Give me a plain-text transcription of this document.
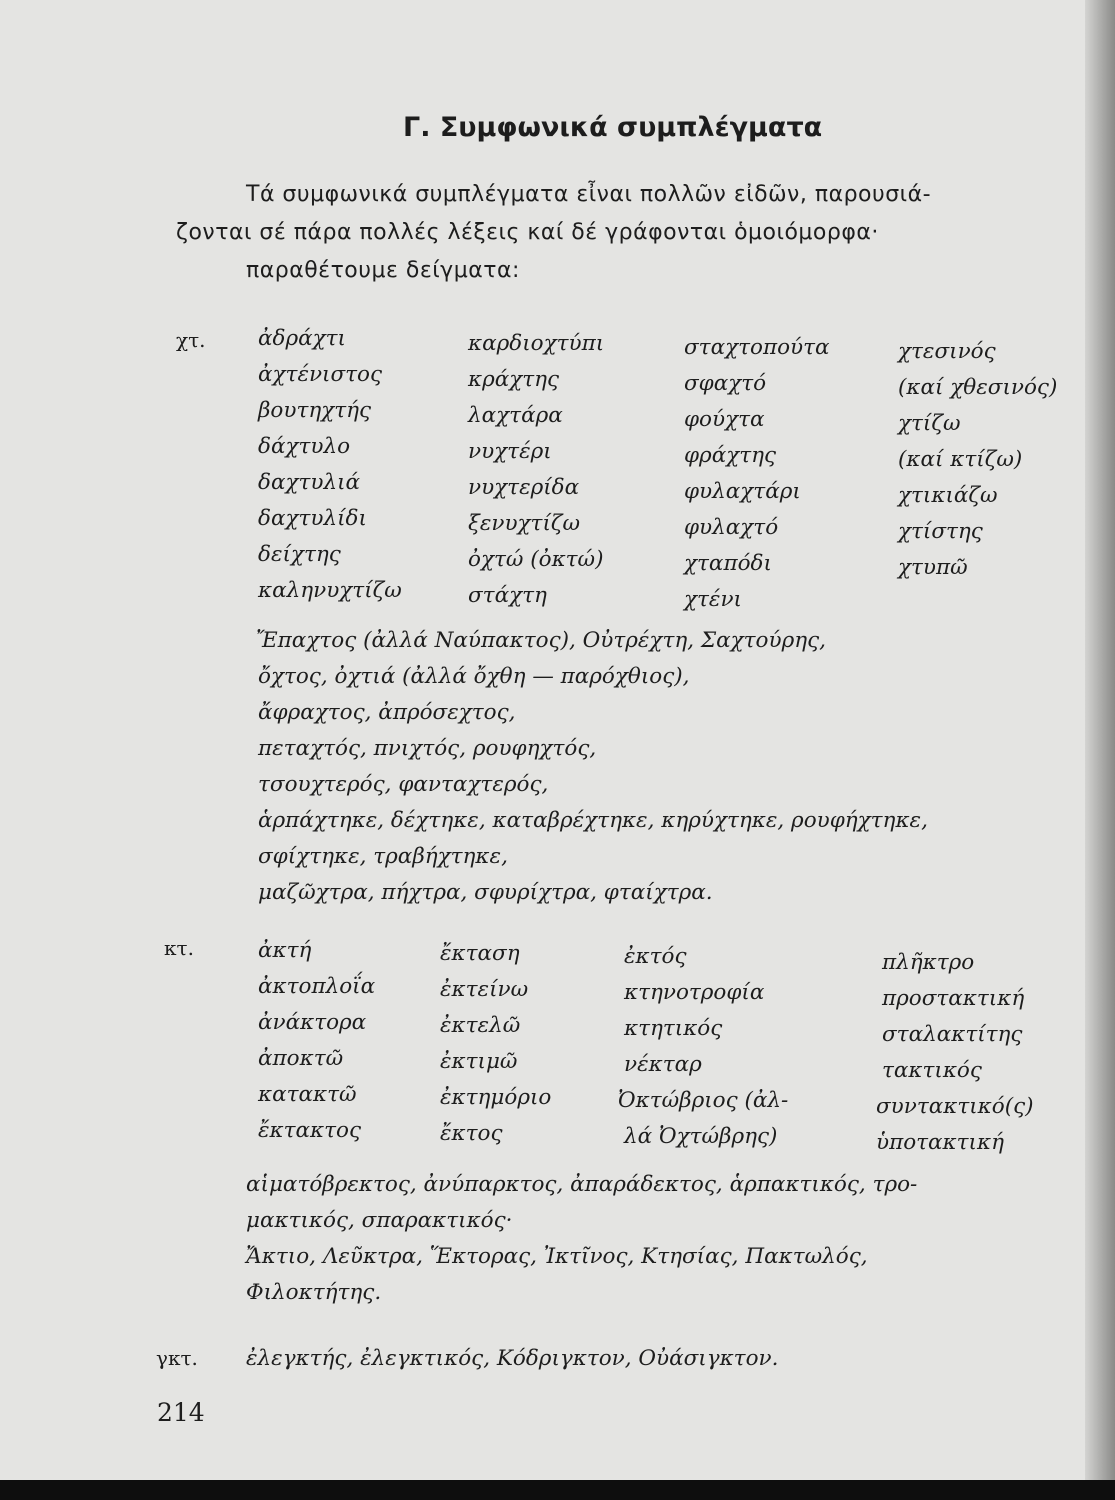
Γ. Συμφωνικά συμπλέγματα
Τά συμφωνικά συμπλέγματα εἶναι πολλῶν εἰδῶν, παρουσιά-
ζονται σέ πάρα πολλές λέξεις καί δέ γράφονται ὁμοιόμορφα·
παραθέτουμε δείγματα:
χτ. ἀδράχτι
ἀχτένιστος
βουτηχτής
δάχτυλο
δαχτυλιά
δαχτυλίδι
δείχτης
καληνυχτίζω
καρδιοχτύπι
κράχτης
λαχτάρα
νυχτέρι
νυχτερίδα
ξενυχτίζω
ὀχτώ (ὀκτώ)
στάχτη
σταχτοπούτα
σφαχτό
φούχτα
φράχτης
φυλαχτάρι
φυλαχτό
χταπόδι
χτένι
χτεσινός
(καί χθεσινός)
χτίζω
(καί κτίζω)
χτικιάζω
χτίστης
χτυπῶ
Ἔπαχτος (ἀλλά Ναύπακτος), Οὐτρέχτη, Σαχτούρης,
ὄχτος, ὀχτιά (ἀλλά ὄχθη — παρόχθιος),
ἄφραχτος, ἀπρόσεχτος,
πεταχτός, πνιχτός, ρουφηχτός,
τσουχτερός, φανταχτερός,
ἁρπάχτηκε, δέχτηκε, καταβρέχτηκε, κηρύχτηκε, ρουφήχτηκε,
σφίχτηκε, τραβήχτηκε,
μαζῶχτρα, πήχτρα, σφυρίχτρα, φταίχτρα.
κτ.	ἀκτή
ἀκτοπλοΐα
ἀνάκτορα
ἀποκτῶ
κατακτῶ
ἔκτακτος
ἔκταση
ἐκτείνω
ἐκτελῶ
ἐκτιμῶ
ἐκτημόριο
ἔκτος
ἐκτός
κτηνοτροφία
κτητικός
νέκταρ
Ὀκτώβριος (ἀλ-
λά Ὀχτώβρης)
πλῆκτρο
προστακτική
σταλακτίτης
τακτικός
συντακτικό(ς)
ὑποτακτική
αἱματόβρεκτος, ἀνύπαρκτος, ἀπαράδεκτος, ἁρπακτικός, τρο-
μακτικός, σπαρακτικός·
Ἄκτιο, Λεῦκτρα, Ἕκτορας, Ἰκτῖνος, Κτησίας, Πακτωλός,
Φιλοκτήτης.
γκτ. ἐλεγκτής, ἐλεγκτικός, Κόδριγκτον, Οὐάσιγκτον.
214
